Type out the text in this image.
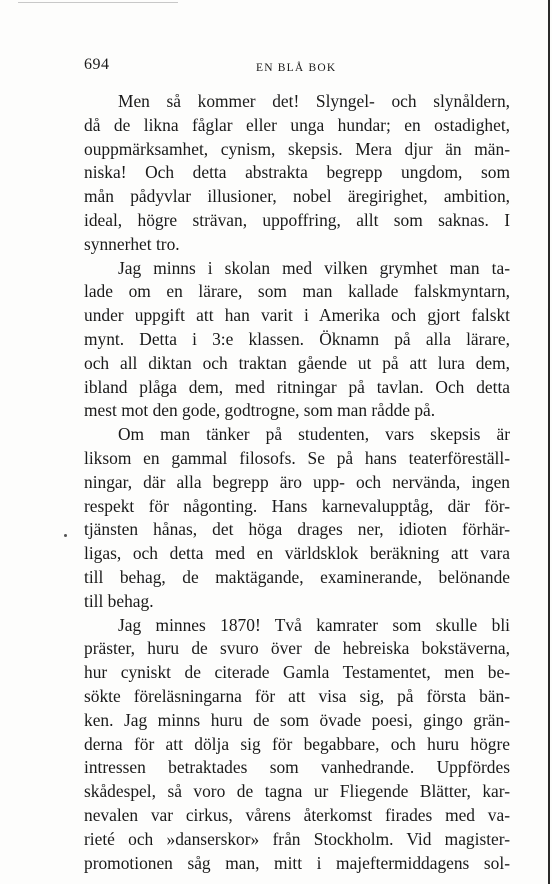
694	EN BLÅ BOK
Men så kommer det! Slyngel- och slynåldern,
då de likna fåglar eller unga hundar; en ostadighet,
ouppmärksamhet, cynism, skepsis. Mera djur än män-
niska! Och detta abstrakta begrepp ungdom, som
mån pådyvlar illusioner, nobel äregirighet, ambition,
ideal, högre strävan, uppoffring, allt som saknas. I
synnerhet tro.
Jag minns i skolan med vilken grymhet man ta-
lade om en lärare, som man kallade falskmyntarn,
under uppgift att han varit i Amerika och gjort falskt
mynt. Detta i 3:e klassen. Öknamn på alla lärare,
och all diktan och traktan gående ut på att lura dem,
ibland plåga dem, med ritningar på tavlan. Och detta
mest mot den gode, godtrogne, som man rådde på.
Om man tänker på studenten, vars skepsis är
liksom en gammal filosofs. Se på hans teaterföreställ-
ningar, där alla begrepp äro upp- och nervända, ingen
respekt för någonting. Hans karnevalupptåg, där för-
tjänsten hånas, det höga drages ner, idioten förhär-
ligas, och detta med en världsklok beräkning att vara
till behag, de maktägande, examinerande, belönande
till behag.
Jag minnes 1870! Två kamrater som skulle bli
präster, huru de svuro över de hebreiska bokstäverna,
hur cyniskt de citerade Gamla Testamentet, men be-
sökte föreläsningarna för att visa sig, på första bän-
ken. Jag minns huru de som övade poesi, gingo grän-
derna för att dölja sig för begabbare, och huru högre
intressen betraktades som vanhedrande. Uppfördes
skådespel, så voro de tagna ur Fliegende Blätter, kar-
nevalen var cirkus, vårens återkomst firades med va-
rieté och »danserskor» från Stockholm. Vid magister-
promotionen såg man, mitt i majeftermiddagens sol-
